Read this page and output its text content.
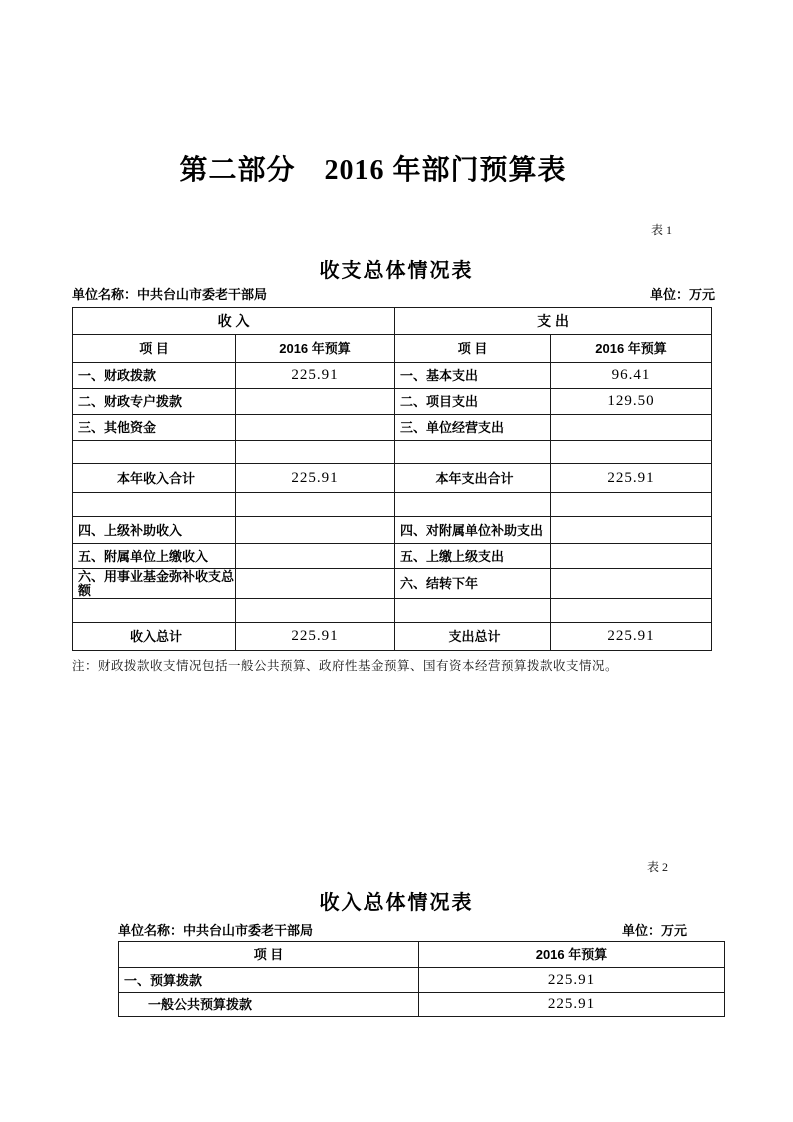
第二部分　2016 年部门预算表
表 1
收支总体情况表
单位名称：中共台山市委老干部局	单位：万元
收 入		支 出	
项 目	2016 年预算	项 目	2016 年预算
一、财政拨款	225.91	一、基本支出	96.41
二、财政专户拨款		二、项目支出	129.50
三、其他资金		三、单位经营支出	

本年收入合计	225.91	本年支出合计	225.91

四、上级补助收入		四、对附属单位补助支出	
五、附属单位上缴收入		五、上缴上级支出	
六、用事业基金弥补收支总额		六、结转下年	

收入总计	225.91	支出总计	225.91
注：财政拨款收支情况包括一般公共预算、政府性基金预算、国有资本经营预算拨款收支情况。
表 2
收入总体情况表
单位名称：中共台山市委老干部局	单位：万元
项 目	2016 年预算
一、预算拨款	225.91
一般公共预算拨款	225.91
